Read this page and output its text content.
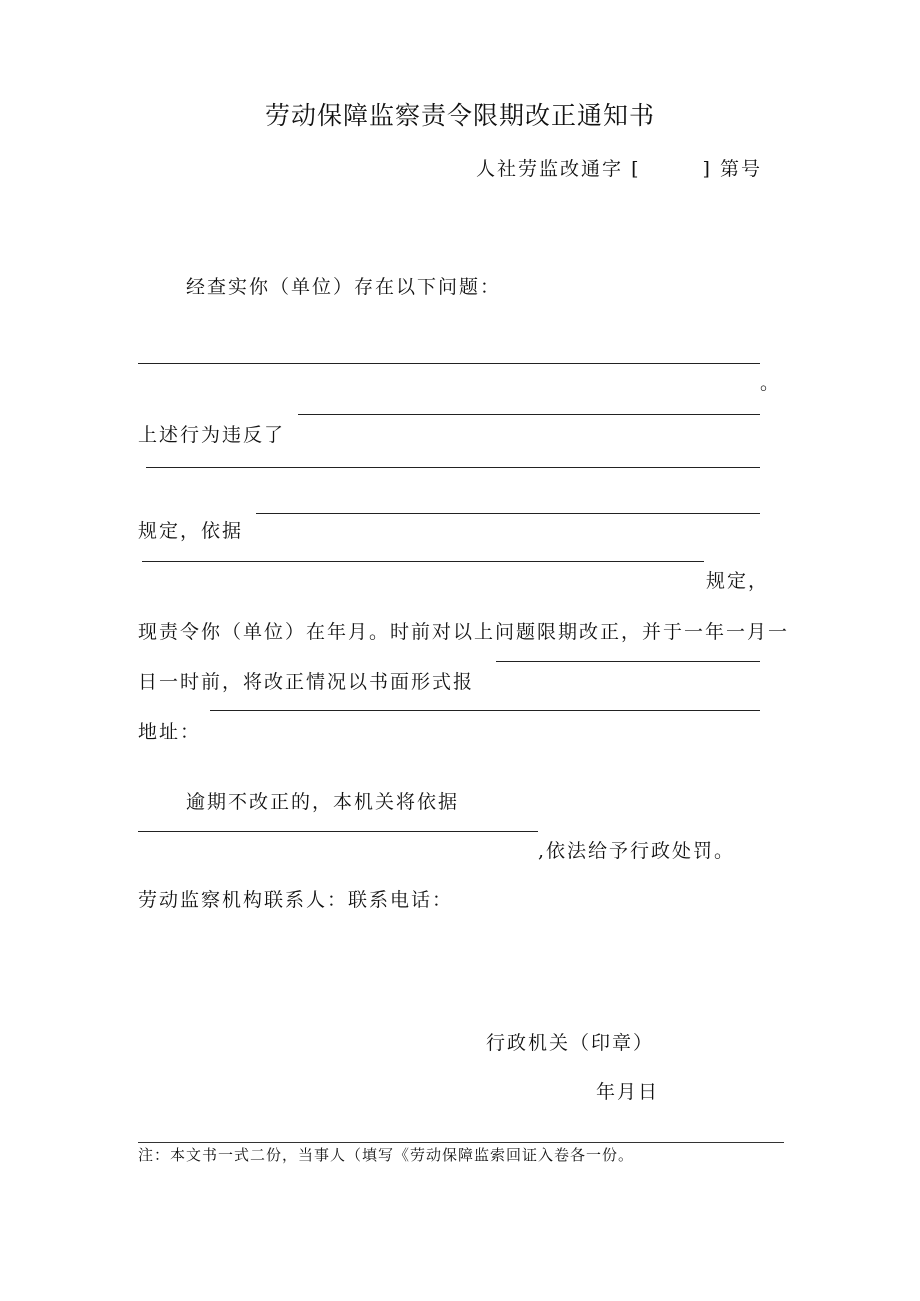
劳动保障监察责令限期改正通知书
人社劳监改通字 [	] 第号
经查实你（单位）存在以下问题：
。
上述行为违反了
规定，依据
规定，
现责令你（单位）在年月。时前对以上问题限期改正，并于一年一月一
日一时前，将改正情况以书面形式报
地址：
逾期不改正的，本机关将依据
,依法给予行政处罚。
劳动监察机构联系人：联系电话：
行政机关（印章）
年月日
注：本文书一式二份，当事人（填写《劳动保障监索回证入卷各一份。
